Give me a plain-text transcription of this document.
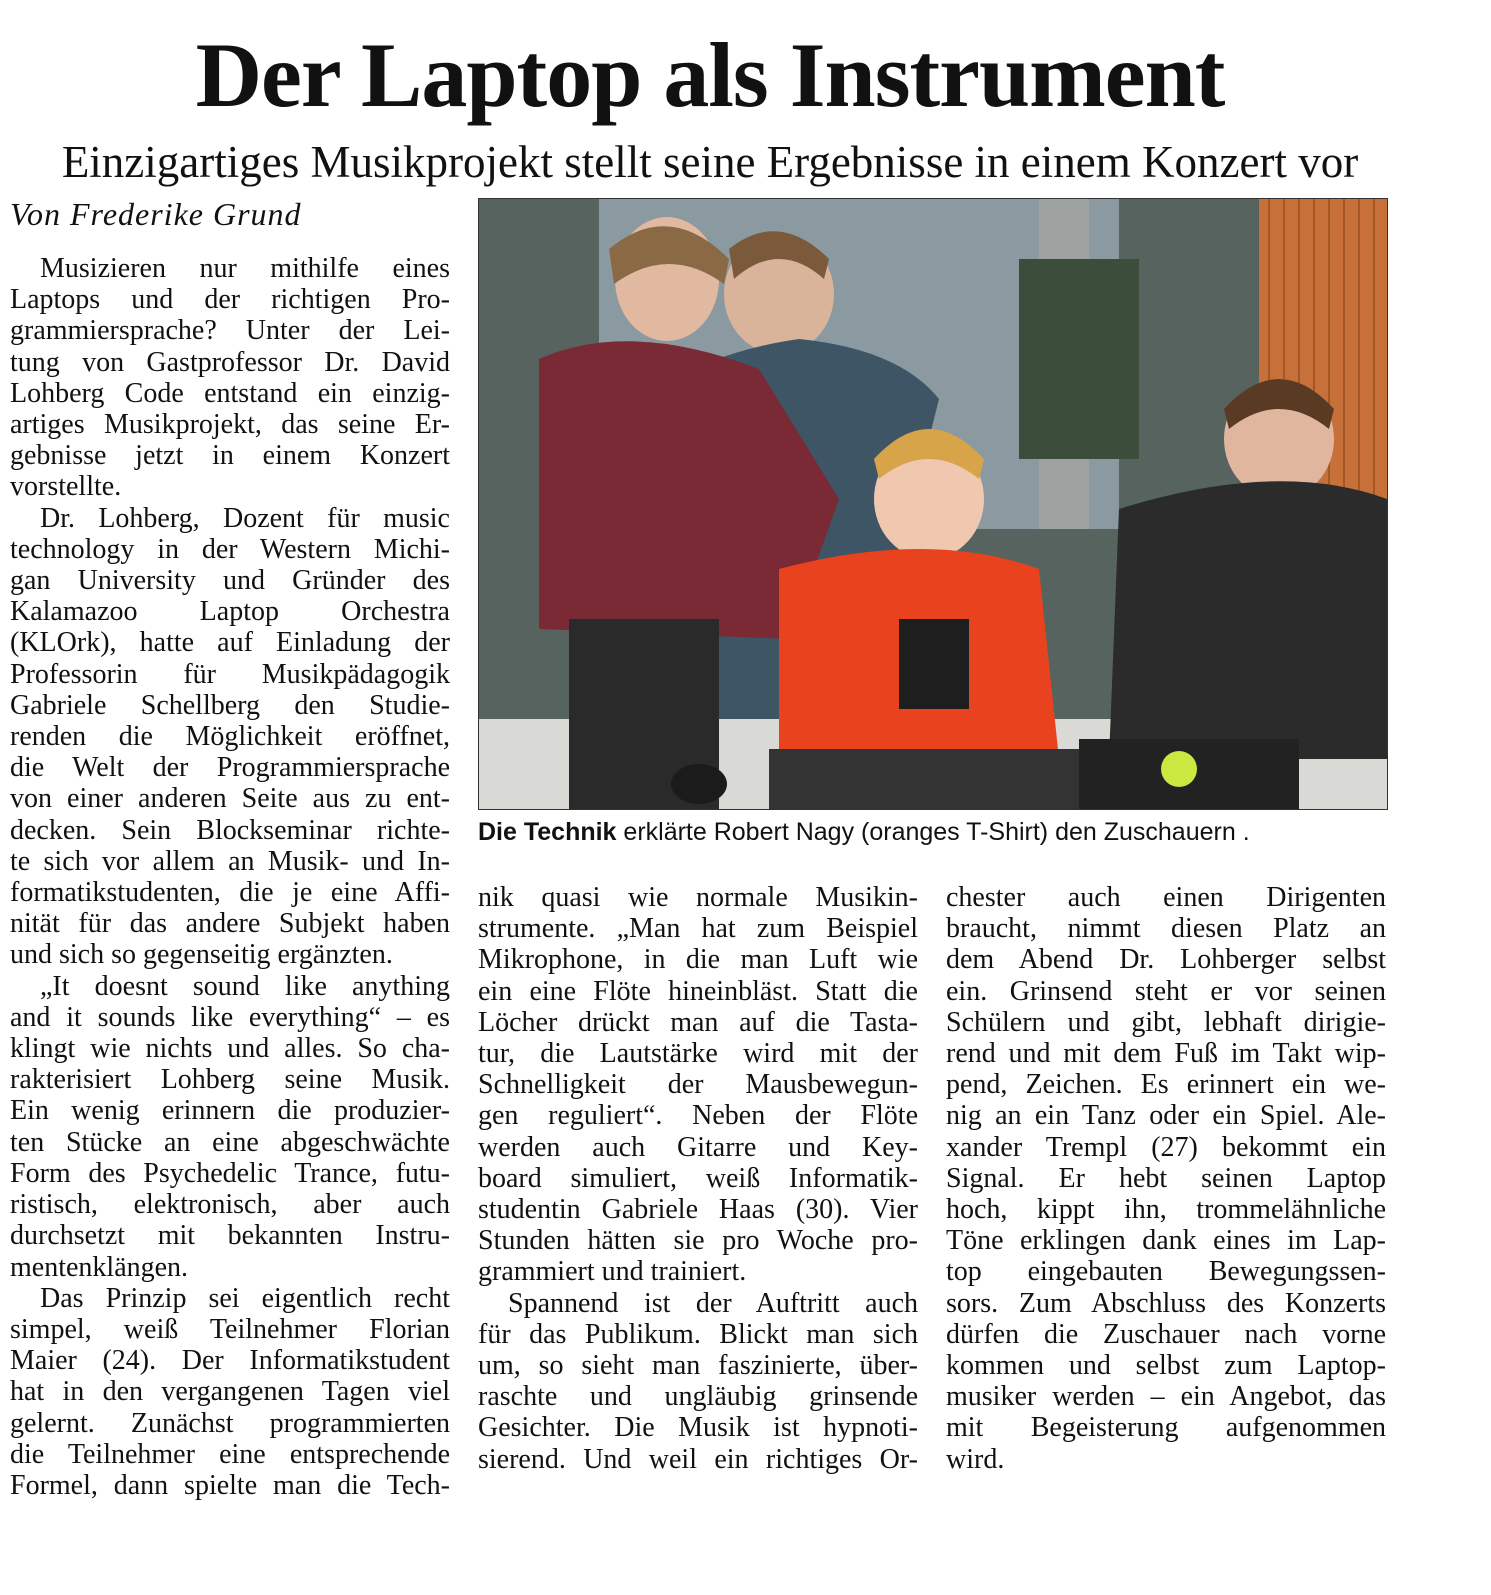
Der Laptop als Instrument
Einzigartiges Musikprojekt stellt seine Ergebnisse in einem Konzert vor
Von Frederike Grund

Musizieren nur mithilfe eines
Laptops und der richtigen Pro-
grammiersprache? Unter der Lei-
tung von Gastprofessor Dr. David
Lohberg Code entstand ein einzig-
artiges Musikprojekt, das seine Er-
gebnisse jetzt in einem Konzert
vorstellte.

Dr. Lohberg, Dozent für music
technology in der Western Michi-
gan University und Gründer des
Kalamazoo Laptop Orchestra
(KLOrk), hatte auf Einladung der
Professorin für Musikpädagogik
Gabriele Schellberg den Studie-
renden die Möglichkeit eröffnet,
die Welt der Programmiersprache
von einer anderen Seite aus zu ent-
decken. Sein Blockseminar richte-
te sich vor allem an Musik- und In-
formatikstudenten, die je eine Affi-
nität für das andere Subjekt haben
und sich so gegenseitig ergänzten.

„It doesnt sound like anything
and it sounds like everything“ – es
klingt wie nichts und alles. So cha-
rakterisiert Lohberg seine Musik.
Ein wenig erinnern die produzier-
ten Stücke an eine abgeschwächte
Form des Psychedelic Trance, futu-
ristisch, elektronisch, aber auch
durchsetzt mit bekannten Instru-
mentenklängen.

Das Prinzip sei eigentlich recht
simpel, weiß Teilnehmer Florian
Maier (24). Der Informatikstudent
hat in den vergangenen Tagen viel
gelernt. Zunächst programmierten
die Teilnehmer eine entsprechende
Formel, dann spielte man die Tech-

Die Technik erklärte Robert Nagy (oranges T-Shirt) den Zuschauern .

nik quasi wie normale Musikin-
strumente. „Man hat zum Beispiel
Mikrophone, in die man Luft wie
ein eine Flöte hineinbläst. Statt die
Löcher drückt man auf die Tasta-
tur, die Lautstärke wird mit der
Schnelligkeit der Mausbewegun-
gen reguliert“. Neben der Flöte
werden auch Gitarre und Key-
board simuliert, weiß Informatik-
studentin Gabriele Haas (30). Vier
Stunden hätten sie pro Woche pro-
grammiert und trainiert.

Spannend ist der Auftritt auch
für das Publikum. Blickt man sich
um, so sieht man faszinierte, über-
raschte und ungläubig grinsende
Gesichter. Die Musik ist hypnoti-
sierend. Und weil ein richtiges Or-

chester auch einen Dirigenten
braucht, nimmt diesen Platz an
dem Abend Dr. Lohberger selbst
ein. Grinsend steht er vor seinen
Schülern und gibt, lebhaft dirigie-
rend und mit dem Fuß im Takt wip-
pend, Zeichen. Es erinnert ein we-
nig an ein Tanz oder ein Spiel. Ale-
xander Trempl (27) bekommt ein
Signal. Er hebt seinen Laptop
hoch, kippt ihn, trommelähnliche
Töne erklingen dank eines im Lap-
top eingebauten Bewegungssen-
sors. Zum Abschluss des Konzerts
dürfen die Zuschauer nach vorne
kommen und selbst zum Laptop-
musiker werden – ein Angebot, das
mit Begeisterung aufgenommen
wird.
